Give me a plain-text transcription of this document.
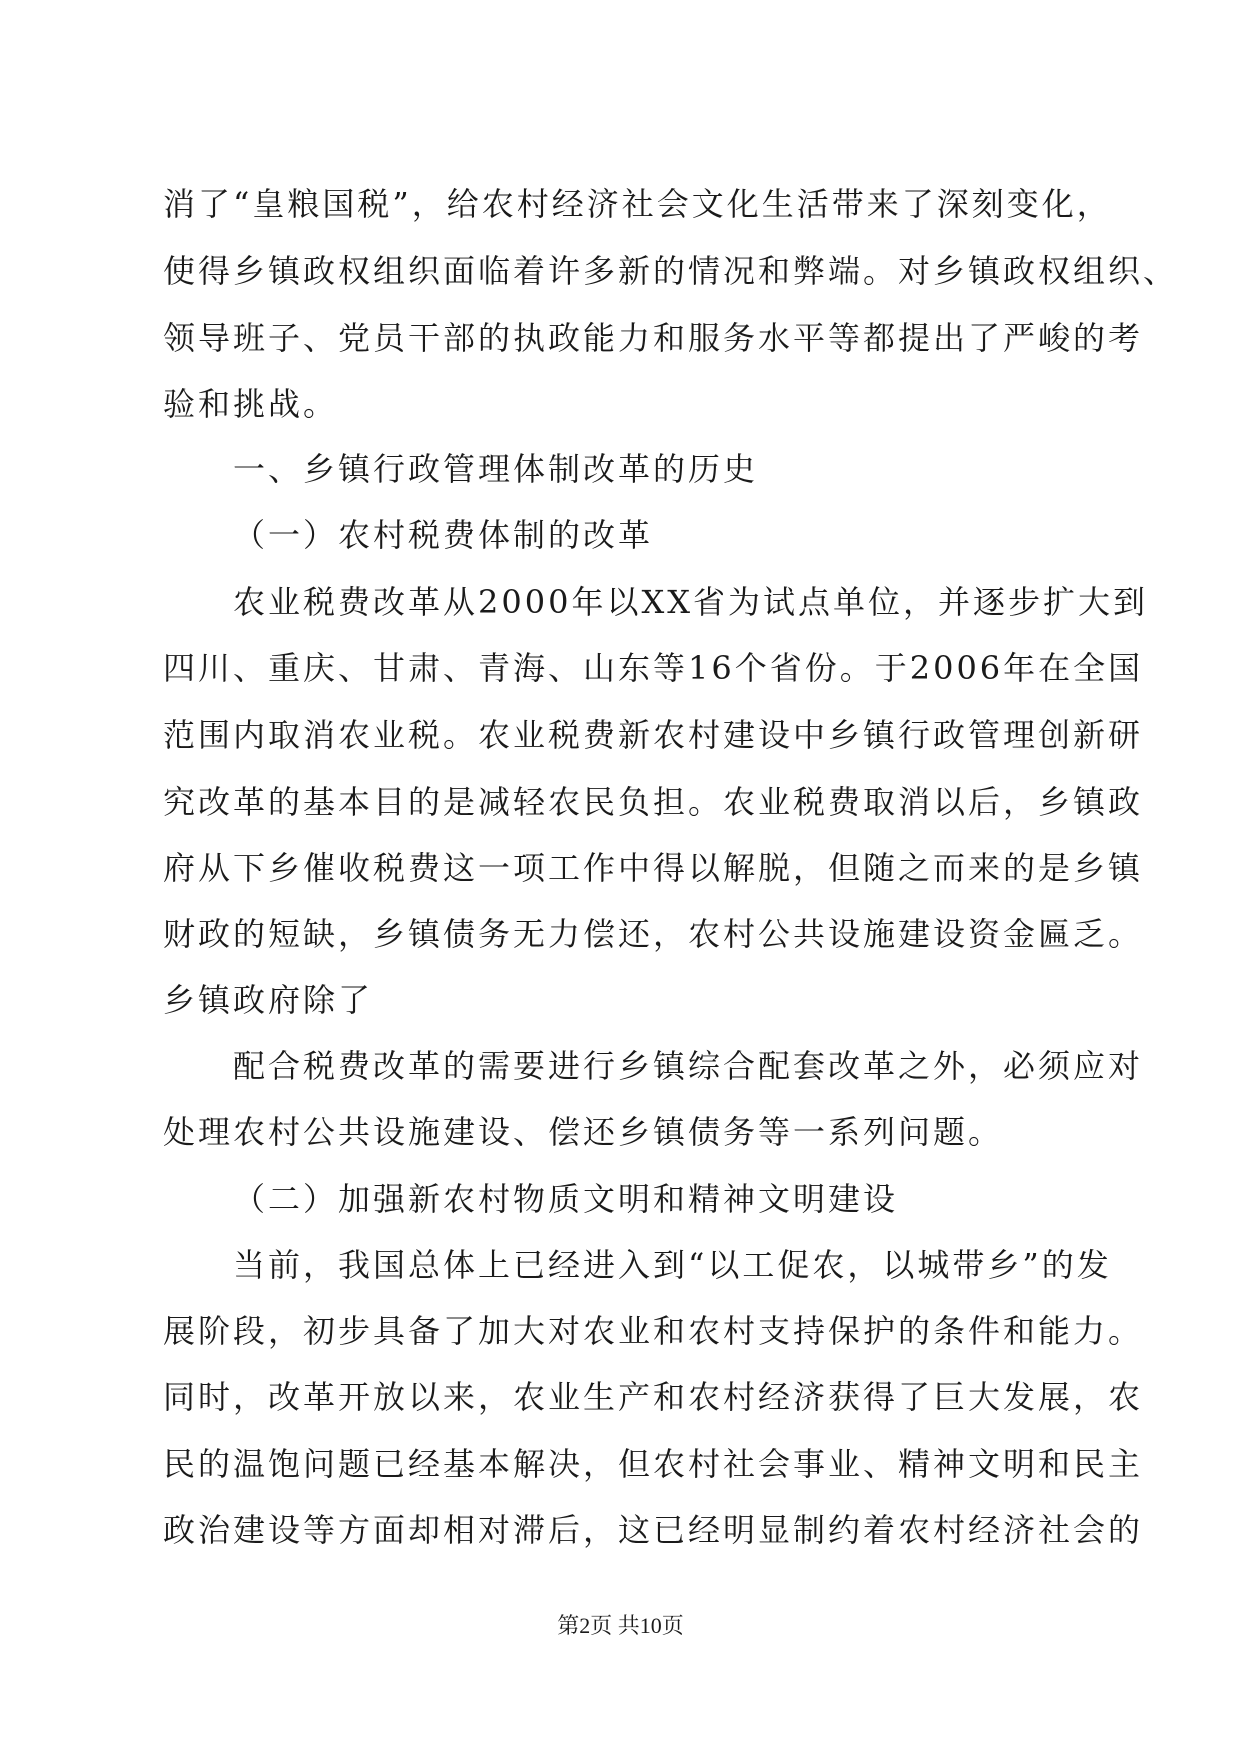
消了“皇粮国税”，给农村经济社会文化生活带来了深刻变化，

使得乡镇政权组织面临着许多新的情况和弊端。对乡镇政权组织、

领导班子、党员干部的执政能力和服务水平等都提出了严峻的考

验和挑战。

一、乡镇行政管理体制改革的历史

（一）农村税费体制的改革

农业税费改革从2000年以XX省为试点单位，并逐步扩大到

四川、重庆、甘肃、青海、山东等16个省份。于2006年在全国

范围内取消农业税。农业税费新农村建设中乡镇行政管理创新研

究改革的基本目的是减轻农民负担。农业税费取消以后，乡镇政

府从下乡催收税费这一项工作中得以解脱，但随之而来的是乡镇

财政的短缺，乡镇债务无力偿还，农村公共设施建设资金匾乏。

乡镇政府除了

配合税费改革的需要进行乡镇综合配套改革之外，必须应对

处理农村公共设施建设、偿还乡镇债务等一系列问题。

（二）加强新农村物质文明和精神文明建设

当前，我国总体上已经进入到“以工促农，以城带乡”的发

展阶段，初步具备了加大对农业和农村支持保护的条件和能力。

同时，改革开放以来，农业生产和农村经济获得了巨大发展，农

民的温饱问题已经基本解决，但农村社会事业、精神文明和民主

政治建设等方面却相对滞后，这已经明显制约着农村经济社会的

第2页 共10页
